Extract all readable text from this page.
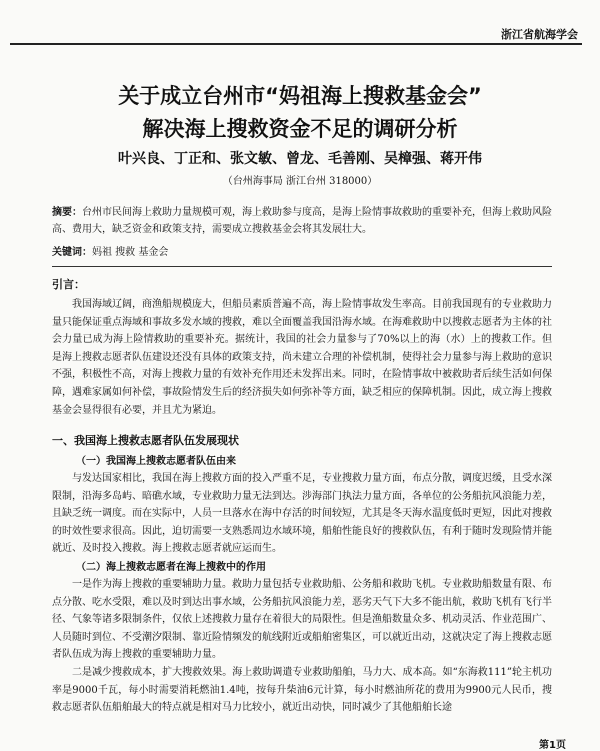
浙江省航海学会
关于成立台州市“妈祖海上搜救基金会”
解决海上搜救资金不足的调研分析
叶兴良、丁正和、张文敏、曾龙、毛善刚、吴樟强、蒋开伟
（台州海事局 浙江台州 318000）
摘要：台州市民间海上救助力量规模可观，海上救助参与度高，是海上险情事故救助的重要补充，但海上救助风险高、费用大，缺乏资金和政策支持，需要成立搜救基金会将其发展壮大。
关键词：妈祖 搜救 基金会
引言：
我国海域辽阔，商渔船规模庞大，但船员素质普遍不高，海上险情事故发生率高。目前我国现有的专业救助力量只能保证重点海域和事故多发水域的搜救，难以全面覆盖我国沿海水域。在海难救助中以搜救志愿者为主体的社会力量已成为海上险情救助的重要补充。据统计，我国的社会力量参与了70%以上的海（水）上的搜救工作。但是海上搜救志愿者队伍建设还没有具体的政策支持，尚未建立合理的补偿机制，使得社会力量参与海上救助的意识不强，积极性不高，对海上搜救力量的有效补充作用还未发挥出来。同时，在险情事故中被救助者后续生活如何保障，遇难家属如何补偿，事故险情发生后的经济损失如何弥补等方面，缺乏相应的保障机制。因此，成立海上搜救基金会显得很有必要，并且尤为紧迫。
一、我国海上搜救志愿者队伍发展现状
（一）我国海上搜救志愿者队伍由来
与发达国家相比，我国在海上搜救方面的投入严重不足，专业搜救力量方面，布点分散，调度迟缓，且受水深限制，沿海多岛屿、暗礁水域，专业救助力量无法到达。涉海部门执法力量方面，各单位的公务船抗风浪能力差，且缺乏统一调度。而在实际中，人员一旦落水在海中存活的时间较短，尤其是冬天海水温度低时更短，因此对搜救的时效性要求很高。因此，迫切需要一支熟悉周边水域环境，船舶性能良好的搜救队伍，有利于随时发现险情并能就近、及时投入搜救。海上搜救志愿者就应运而生。
（二）海上搜救志愿者在海上搜救中的作用
一是作为海上搜救的重要辅助力量。救助力量包括专业救助船、公务船和救助飞机。专业救助船数量有限、布点分散、吃水受限，难以及时到达出事水域，公务船抗风浪能力差，恶劣天气下大多不能出航，救助飞机有飞行半径、气象等诸多限制条件，仅依上述搜救力量存在着很大的局限性。但是渔船数量众多、机动灵活、作业范围广、人员随时到位、不受潮汐限制、靠近险情频发的航线附近或船舶密集区，可以就近出动，这就决定了海上搜救志愿者队伍成为海上搜救的重要辅助力量。
二是减少搜救成本，扩大搜救效果。海上救助调遣专业救助船舶，马力大、成本高。如“东海救111”轮主机功率是9000千瓦，每小时需要消耗燃油1.4吨，按每升柴油6元计算，每小时燃油所花的费用为9900元人民币，搜救志愿者队伍船舶最大的特点就是相对马力比较小，就近出动快，同时减少了其他船舶长途
第1页
